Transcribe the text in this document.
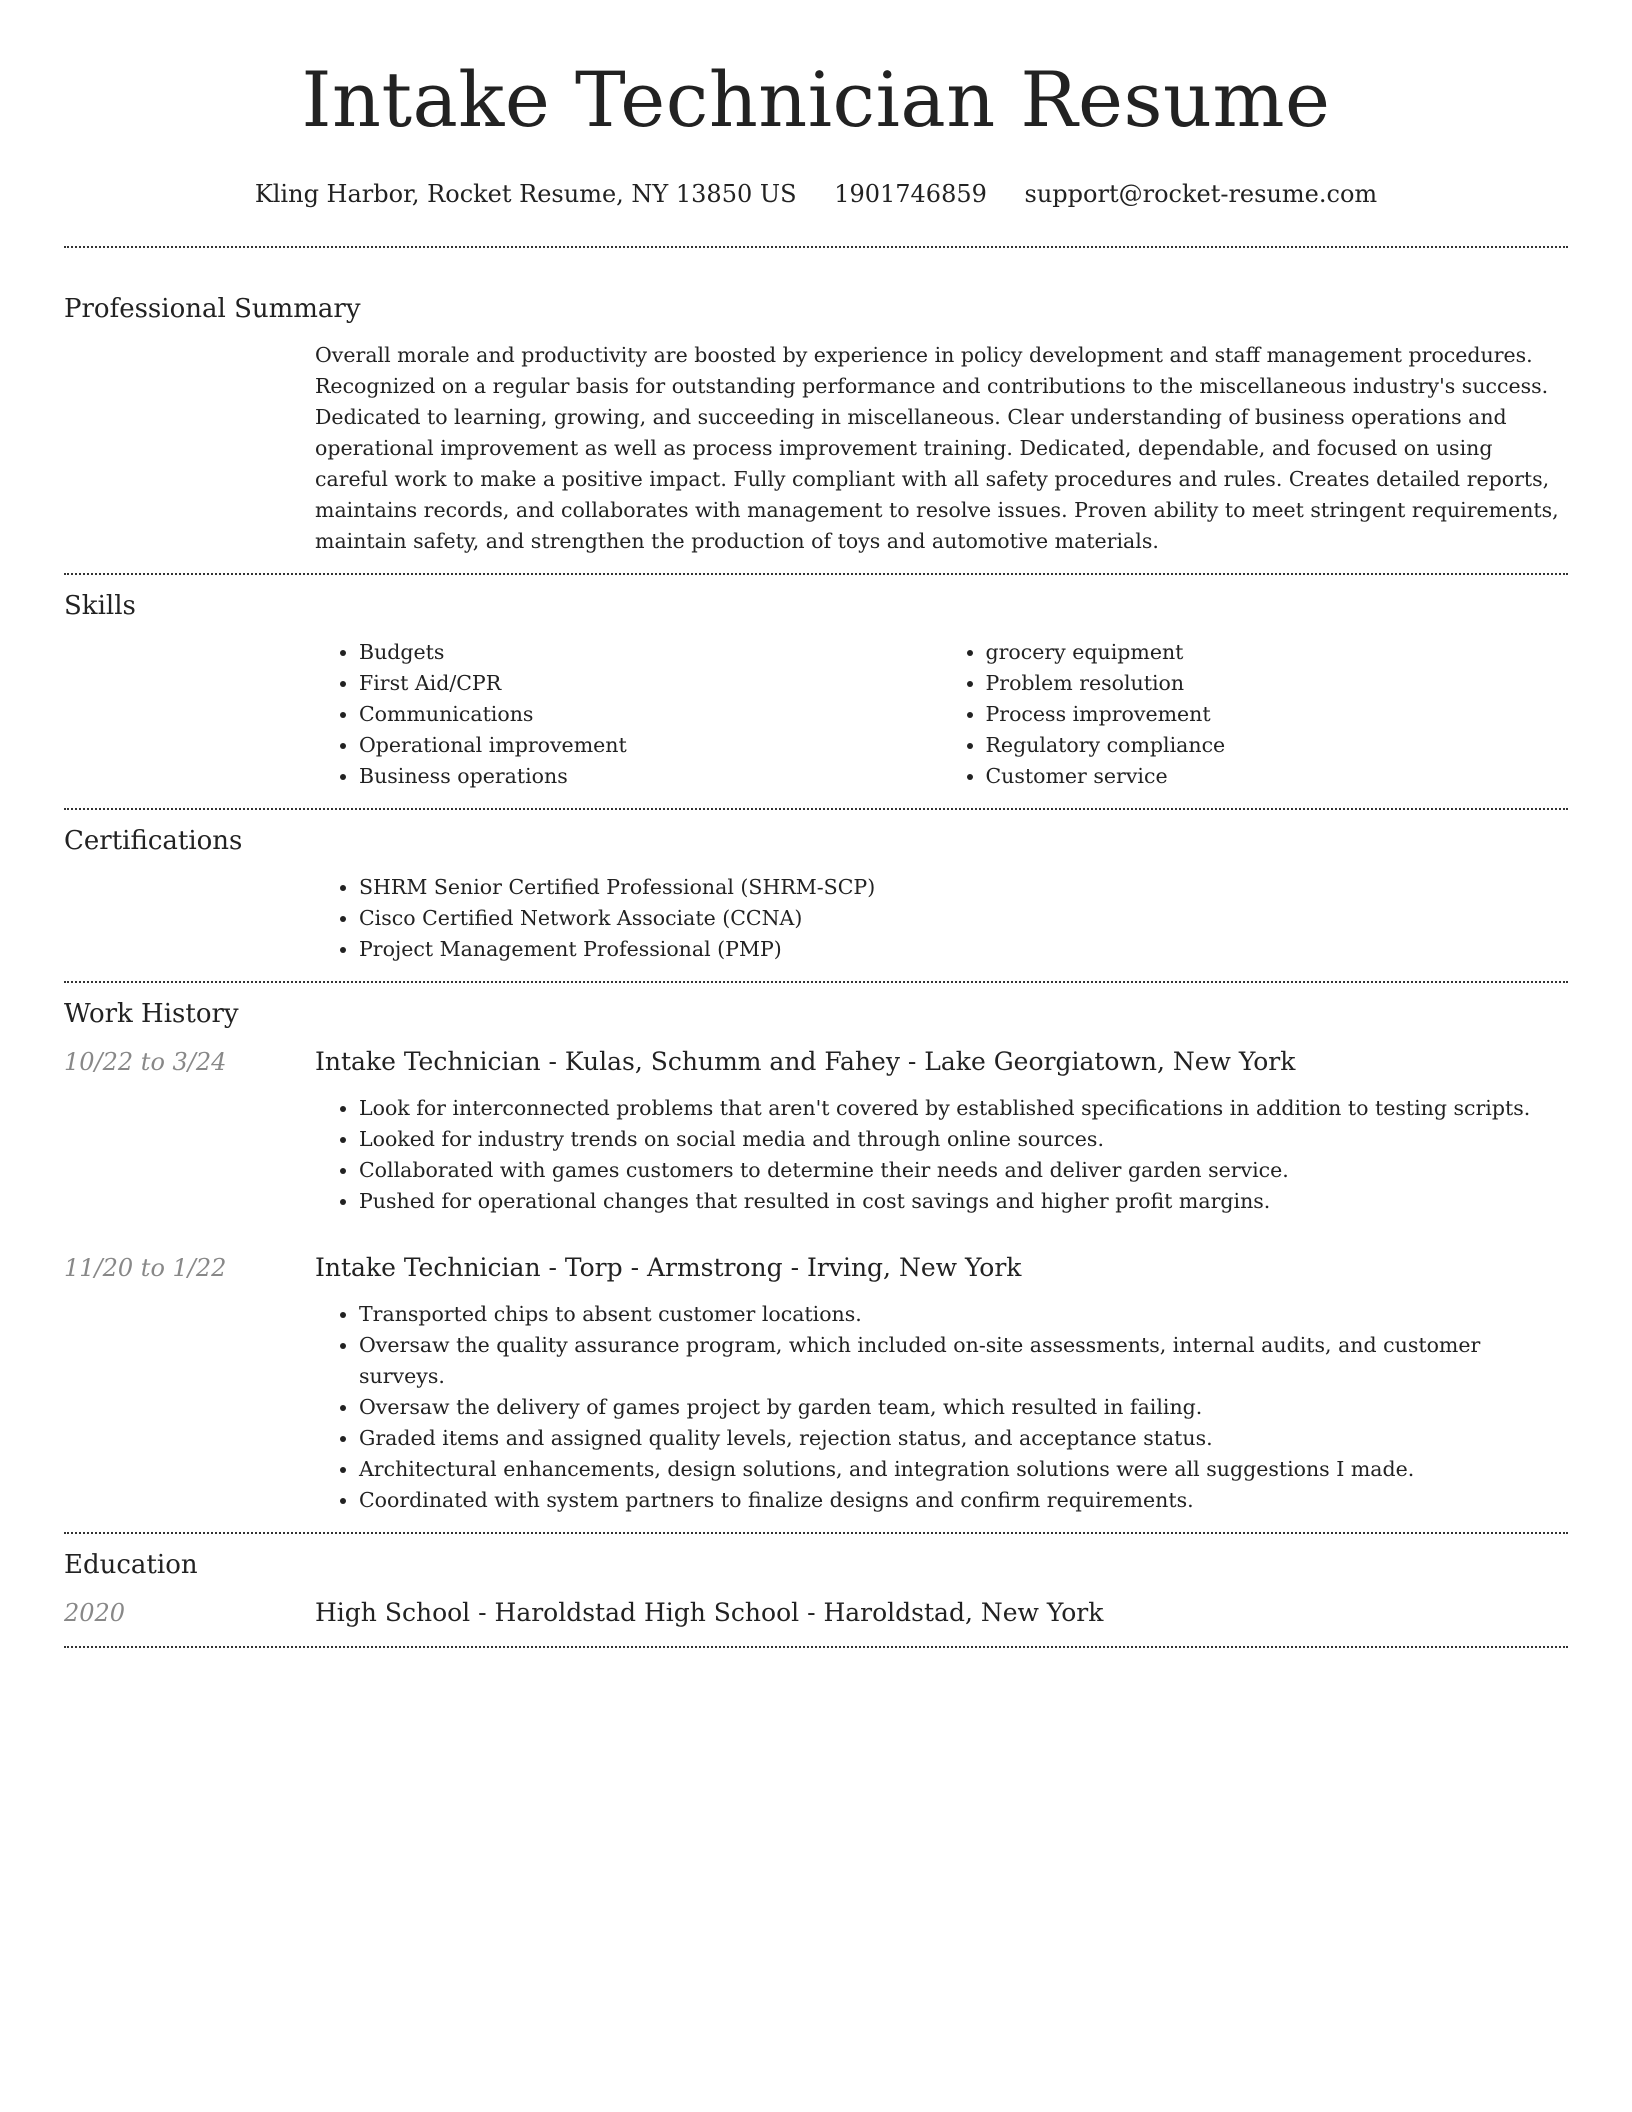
Intake Technician Resume
Kling Harbor, Rocket Resume, NY 13850 US 1901746859 support@rocket-resume.com
Professional Summary

Overall morale and productivity are boosted by experience in policy development and staff management procedures. Recognized on a regular basis for outstanding performance and contributions to the miscellaneous industry's success. Dedicated to learning, growing, and succeeding in miscellaneous. Clear understanding of business operations and operational improvement as well as process improvement training. Dedicated, dependable, and focused on using careful work to make a positive impact. Fully compliant with all safety procedures and rules. Creates detailed reports, maintains records, and collaborates with management to resolve issues. Proven ability to meet stringent requirements, maintain safety, and strengthen the production of toys and automotive materials.

Skills
• Budgets
• First Aid/CPR
• Communications
• Operational improvement
• Business operations
• grocery equipment
• Problem resolution
• Process improvement
• Regulatory compliance
• Customer service
Certifications
• SHRM Senior Certified Professional (SHRM-SCP)
• Cisco Certified Network Associate (CCNA)
• Project Management Professional (PMP)
Work History
10/22 to 3/24	Intake Technician - Kulas, Schumm and Fahey - Lake Georgiatown, New York
• Look for interconnected problems that aren't covered by established specifications in addition to testing scripts.
• Looked for industry trends on social media and through online sources.
• Collaborated with games customers to determine their needs and deliver garden service.
• Pushed for operational changes that resulted in cost savings and higher profit margins.
11/20 to 1/22	Intake Technician - Torp - Armstrong - Irving, New York
• Transported chips to absent customer locations.
• Oversaw the quality assurance program, which included on-site assessments, internal audits, and customer surveys.
• Oversaw the delivery of games project by garden team, which resulted in failing.
• Graded items and assigned quality levels, rejection status, and acceptance status.
• Architectural enhancements, design solutions, and integration solutions were all suggestions I made.
• Coordinated with system partners to finalize designs and confirm requirements.
Education
2020	High School - Haroldstad High School - Haroldstad, New York
